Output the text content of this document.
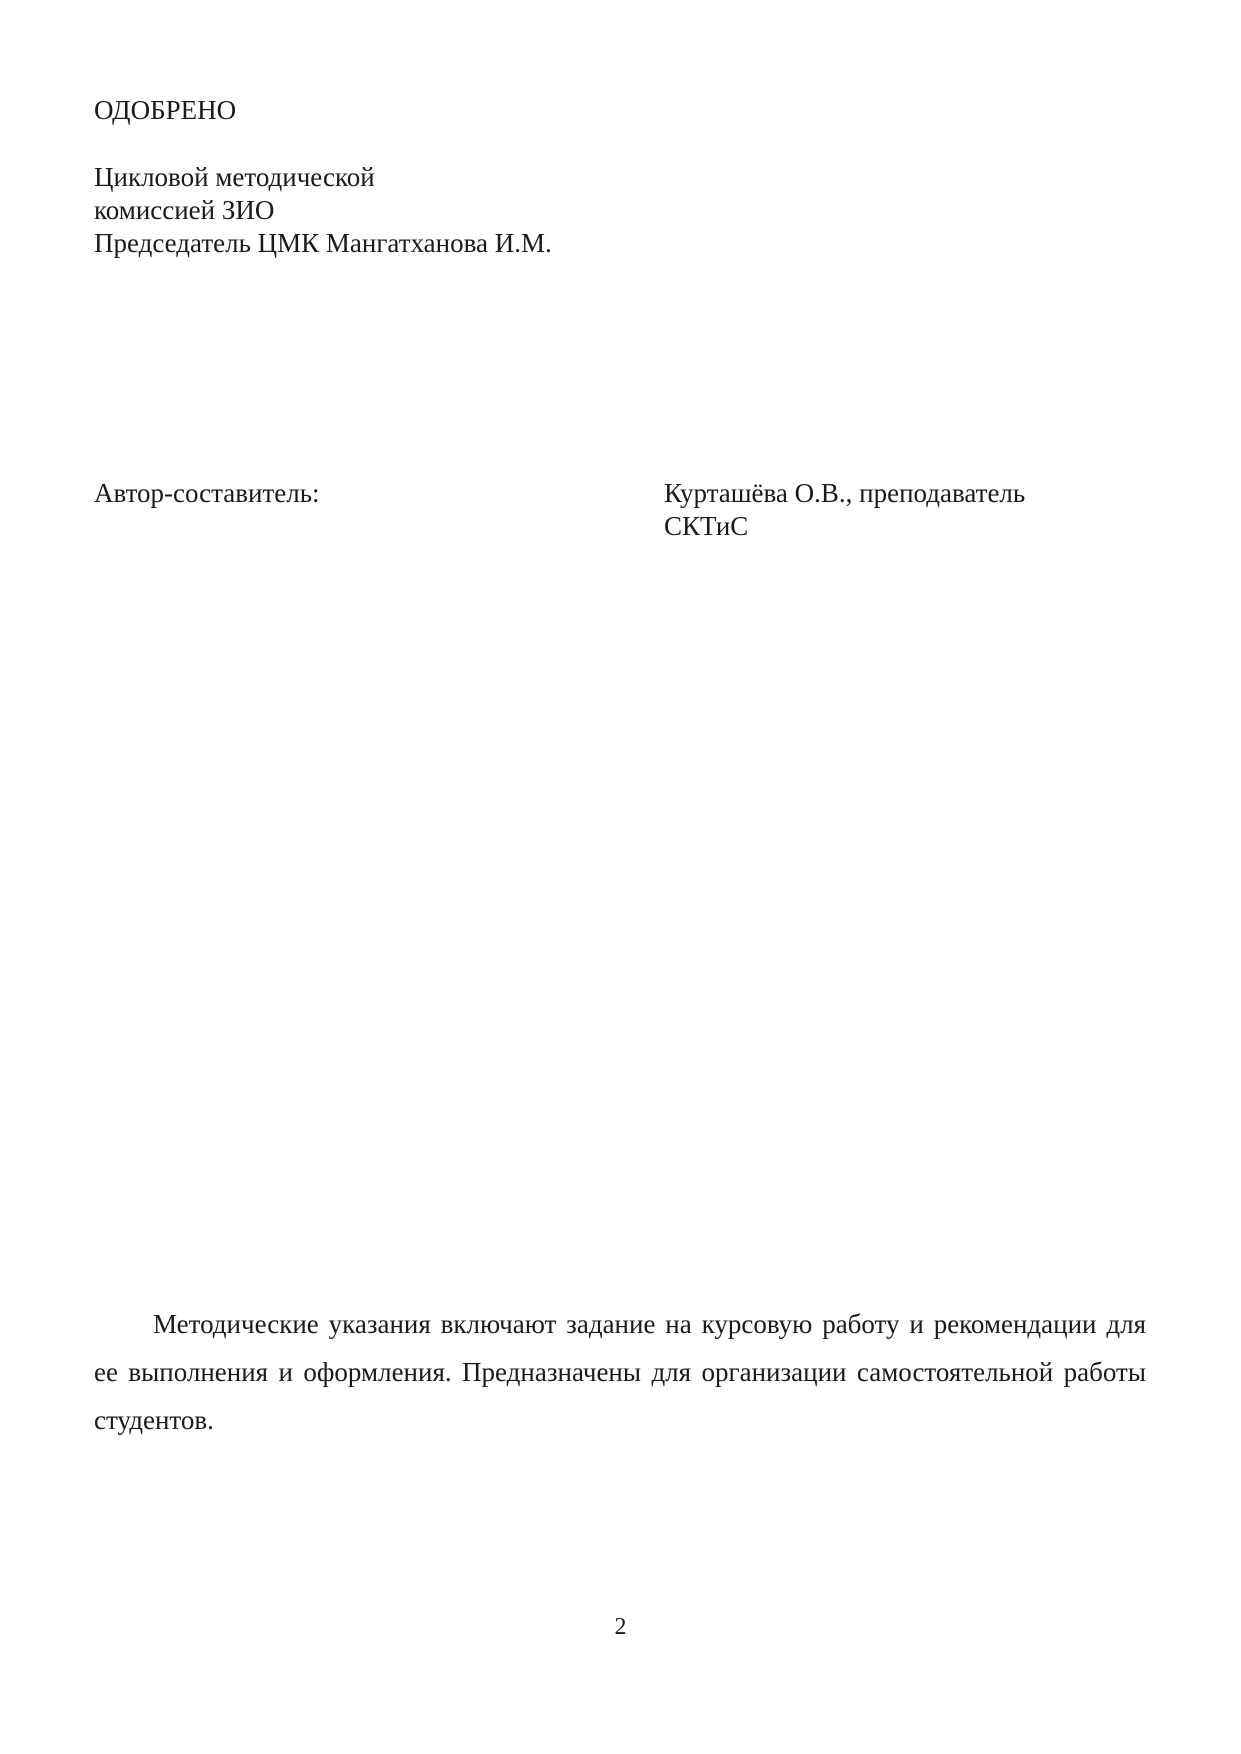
ОДОБРЕНО

Цикловой методической
комиссией ЗИО
Председатель ЦМК Мангатханова И.М.

Автор-составитель:	Курташёва О.В., преподаватель
СКТиС

Методические указания включают задание на курсовую работу и рекомендации для ее выполнения и оформления. Предназначены для организации самостоятельной работы студентов.

2
